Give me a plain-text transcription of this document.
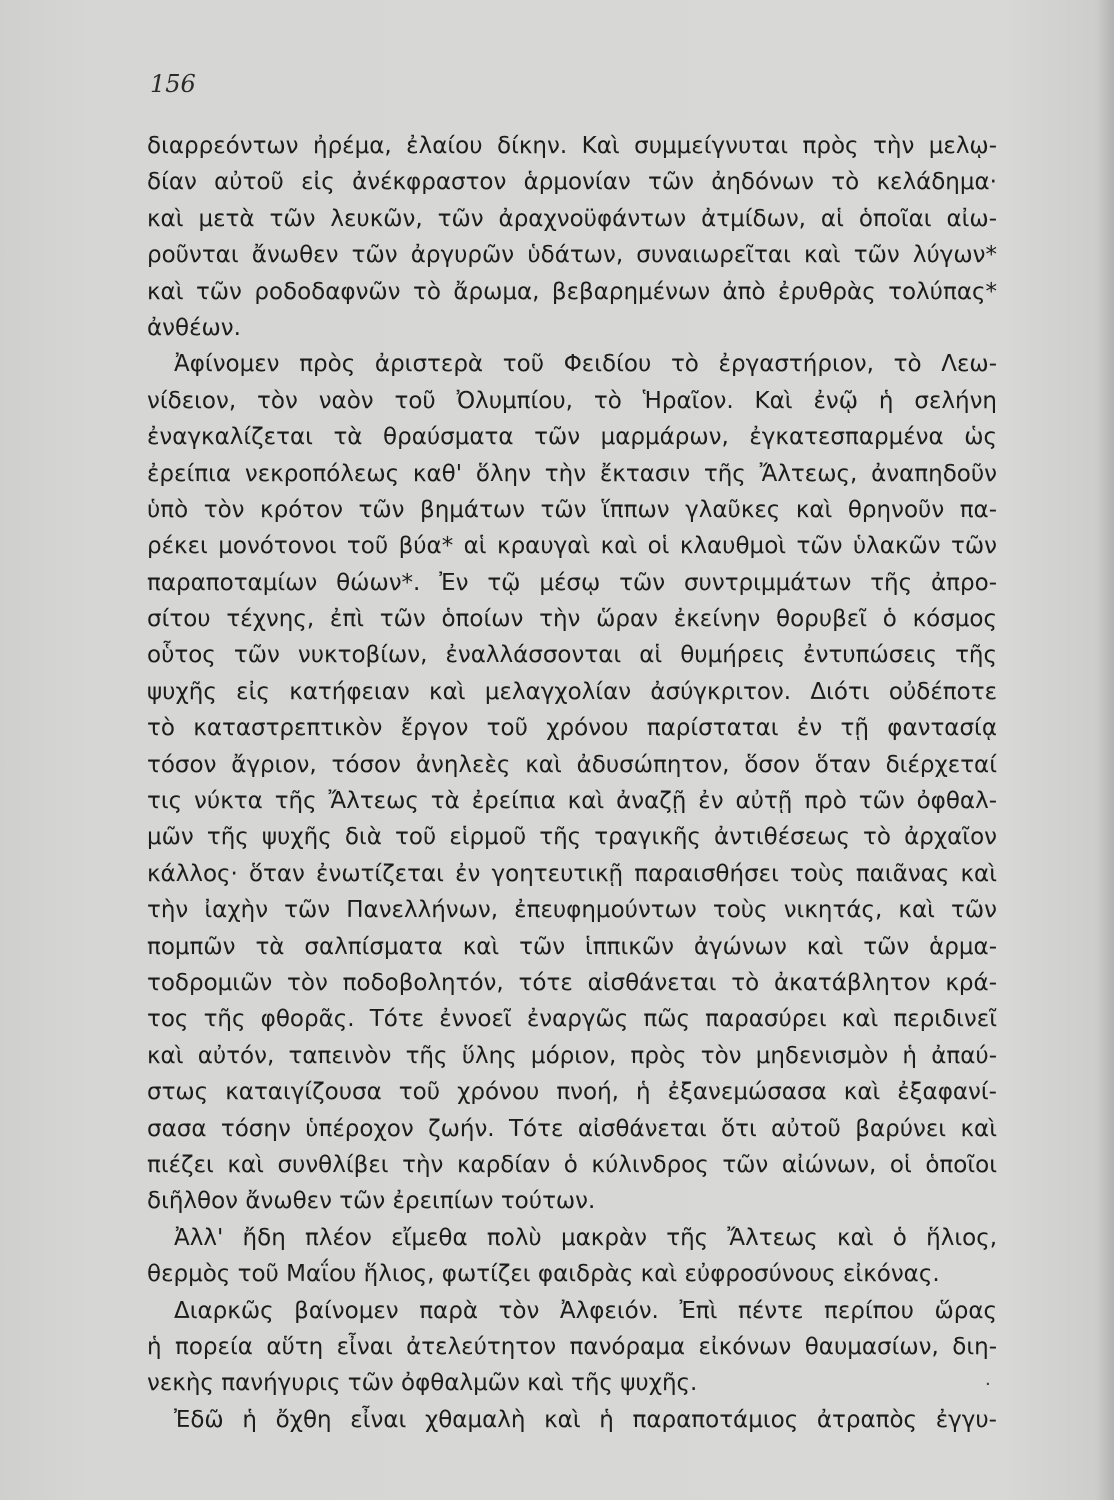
156
διαρρεόντων ἠρέμα, ἐλαίου δίκην. Καὶ συμμείγνυται πρὸς τὴν μελῳ-
δίαν αὐτοῦ εἰς ἀνέκφραστον ἁρμονίαν τῶν ἀηδόνων τὸ κελάδημα·
καὶ μετὰ τῶν λευκῶν, τῶν ἀραχνοϋφάντων ἀτμίδων, αἱ ὁποῖαι αἰω-
ροῦνται ἄνωθεν τῶν ἀργυρῶν ὑδάτων, συναιωρεῖται καὶ τῶν λύγων*
καὶ τῶν ροδοδαφνῶν τὸ ἄρωμα, βεβαρημένων ἀπὸ ἐρυθρὰς τολύπας*
ἀνθέων.
Ἀφίνομεν πρὸς ἀριστερὰ τοῦ Φειδίου τὸ ἐργαστήριον, τὸ Λεω-
νίδειον, τὸν ναὸν τοῦ Ὀλυμπίου, τὸ Ἡραῖον. Καὶ ἐνῷ ἡ σελήνη
ἐναγκαλίζεται τὰ θραύσματα τῶν μαρμάρων, ἐγκατεσπαρμένα ὡς
ἐρείπια νεκροπόλεως καθ' ὅλην τὴν ἔκτασιν τῆς Ἄλτεως, ἀναπηδοῦν
ὑπὸ τὸν κρότον τῶν βημάτων τῶν ἵππων γλαῦκες καὶ θρηνοῦν πα-
ρέκει μονότονοι τοῦ βύα* αἱ κραυγαὶ καὶ οἱ κλαυθμοὶ τῶν ὑλακῶν τῶν
παραποταμίων θώων*. Ἐν τῷ μέσῳ τῶν συντριμμάτων τῆς ἀπρο-
σίτου τέχνης, ἐπὶ τῶν ὁποίων τὴν ὥραν ἐκείνην θορυβεῖ ὁ κόσμος
οὗτος τῶν νυκτοβίων, ἐναλλάσσονται αἱ θυμήρεις ἐντυπώσεις τῆς
ψυχῆς εἰς κατήφειαν καὶ μελαγχολίαν ἀσύγκριτον. Διότι οὐδέποτε
τὸ καταστρεπτικὸν ἔργον τοῦ χρόνου παρίσταται ἐν τῇ φαντασίᾳ
τόσον ἄγριον, τόσον ἀνηλεὲς καὶ ἀδυσώπητον, ὅσον ὅταν διέρχεταί
τις νύκτα τῆς Ἄλτεως τὰ ἐρείπια καὶ ἀναζῇ ἐν αὐτῇ πρὸ τῶν ὀφθαλ-
μῶν τῆς ψυχῆς διὰ τοῦ εἱρμοῦ τῆς τραγικῆς ἀντιθέσεως τὸ ἀρχαῖον
κάλλος· ὅταν ἐνωτίζεται ἐν γοητευτικῇ παραισθήσει τοὺς παιᾶνας καὶ
τὴν ἰαχὴν τῶν Πανελλήνων, ἐπευφημούντων τοὺς νικητάς, καὶ τῶν
πομπῶν τὰ σαλπίσματα καὶ τῶν ἱππικῶν ἀγώνων καὶ τῶν ἁρμα-
τοδρομιῶν τὸν ποδοβολητόν, τότε αἰσθάνεται τὸ ἀκατάβλητον κρά-
τος τῆς φθορᾶς. Τότε ἐννοεῖ ἐναργῶς πῶς παρασύρει καὶ περιδινεῖ
καὶ αὐτόν, ταπεινὸν τῆς ὕλης μόριον, πρὸς τὸν μηδενισμὸν ἡ ἀπαύ-
στως καταιγίζουσα τοῦ χρόνου πνοή, ἡ ἐξανεμώσασα καὶ ἐξαφανί-
σασα τόσην ὑπέροχον ζωήν. Τότε αἰσθάνεται ὅτι αὐτοῦ βαρύνει καὶ
πιέζει καὶ συνθλίβει τὴν καρδίαν ὁ κύλινδρος τῶν αἰώνων, οἱ ὁποῖοι
διῆλθον ἄνωθεν τῶν ἐρειπίων τούτων.
Ἀλλ' ἤδη πλέον εἴμεθα πολὺ μακρὰν τῆς Ἄλτεως καὶ ὁ ἥλιος,
θερμὸς τοῦ Μαΐου ἥλιος, φωτίζει φαιδρὰς καὶ εὐφροσύνους εἰκόνας.
Διαρκῶς βαίνομεν παρὰ τὸν Ἀλφειόν. Ἐπὶ πέντε περίπου ὥρας
ἡ πορεία αὕτη εἶναι ἀτελεύτητον πανόραμα εἰκόνων θαυμασίων, διη-
νεκὴς πανήγυρις τῶν ὀφθαλμῶν καὶ τῆς ψυχῆς.
Ἐδῶ ἡ ὄχθη εἶναι χθαμαλὴ καὶ ἡ παραποτάμιος ἀτραπὸς ἐγγυ-
·
